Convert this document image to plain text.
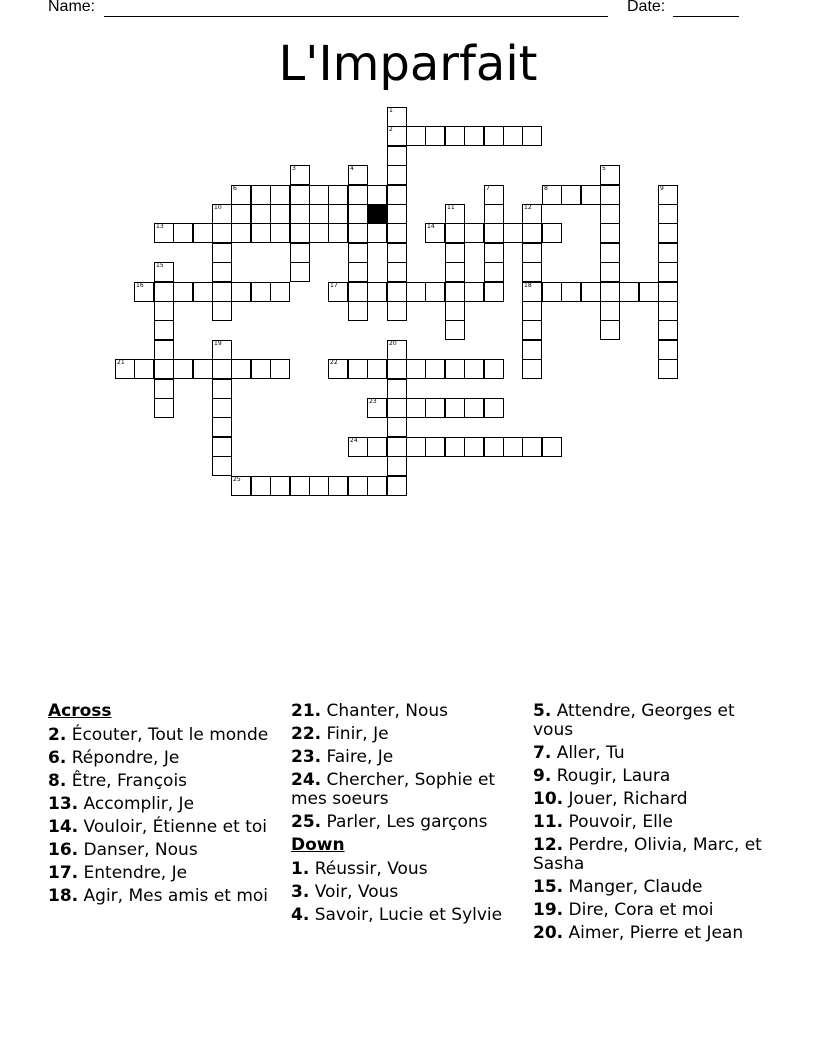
Name:	Date:
L'Imparfait
1
2
3	4	5
6	7	8	9
10	11	12
13	14
15
16	17	18
19	20
21	22
23
24
25
Across
2. Écouter, Tout le monde
6. Répondre, Je
8. Être, François
13. Accomplir, Je
14. Vouloir, Étienne et toi
16. Danser, Nous
17. Entendre, Je
18. Agir, Mes amis et moi
21. Chanter, Nous
22. Finir, Je
23. Faire, Je
24. Chercher, Sophie et mes soeurs
25. Parler, Les garçons
Down
1. Réussir, Vous
3. Voir, Vous
4. Savoir, Lucie et Sylvie
5. Attendre, Georges et vous
7. Aller, Tu
9. Rougir, Laura
10. Jouer, Richard
11. Pouvoir, Elle
12. Perdre, Olivia, Marc, et Sasha
15. Manger, Claude
19. Dire, Cora et moi
20. Aimer, Pierre et Jean
